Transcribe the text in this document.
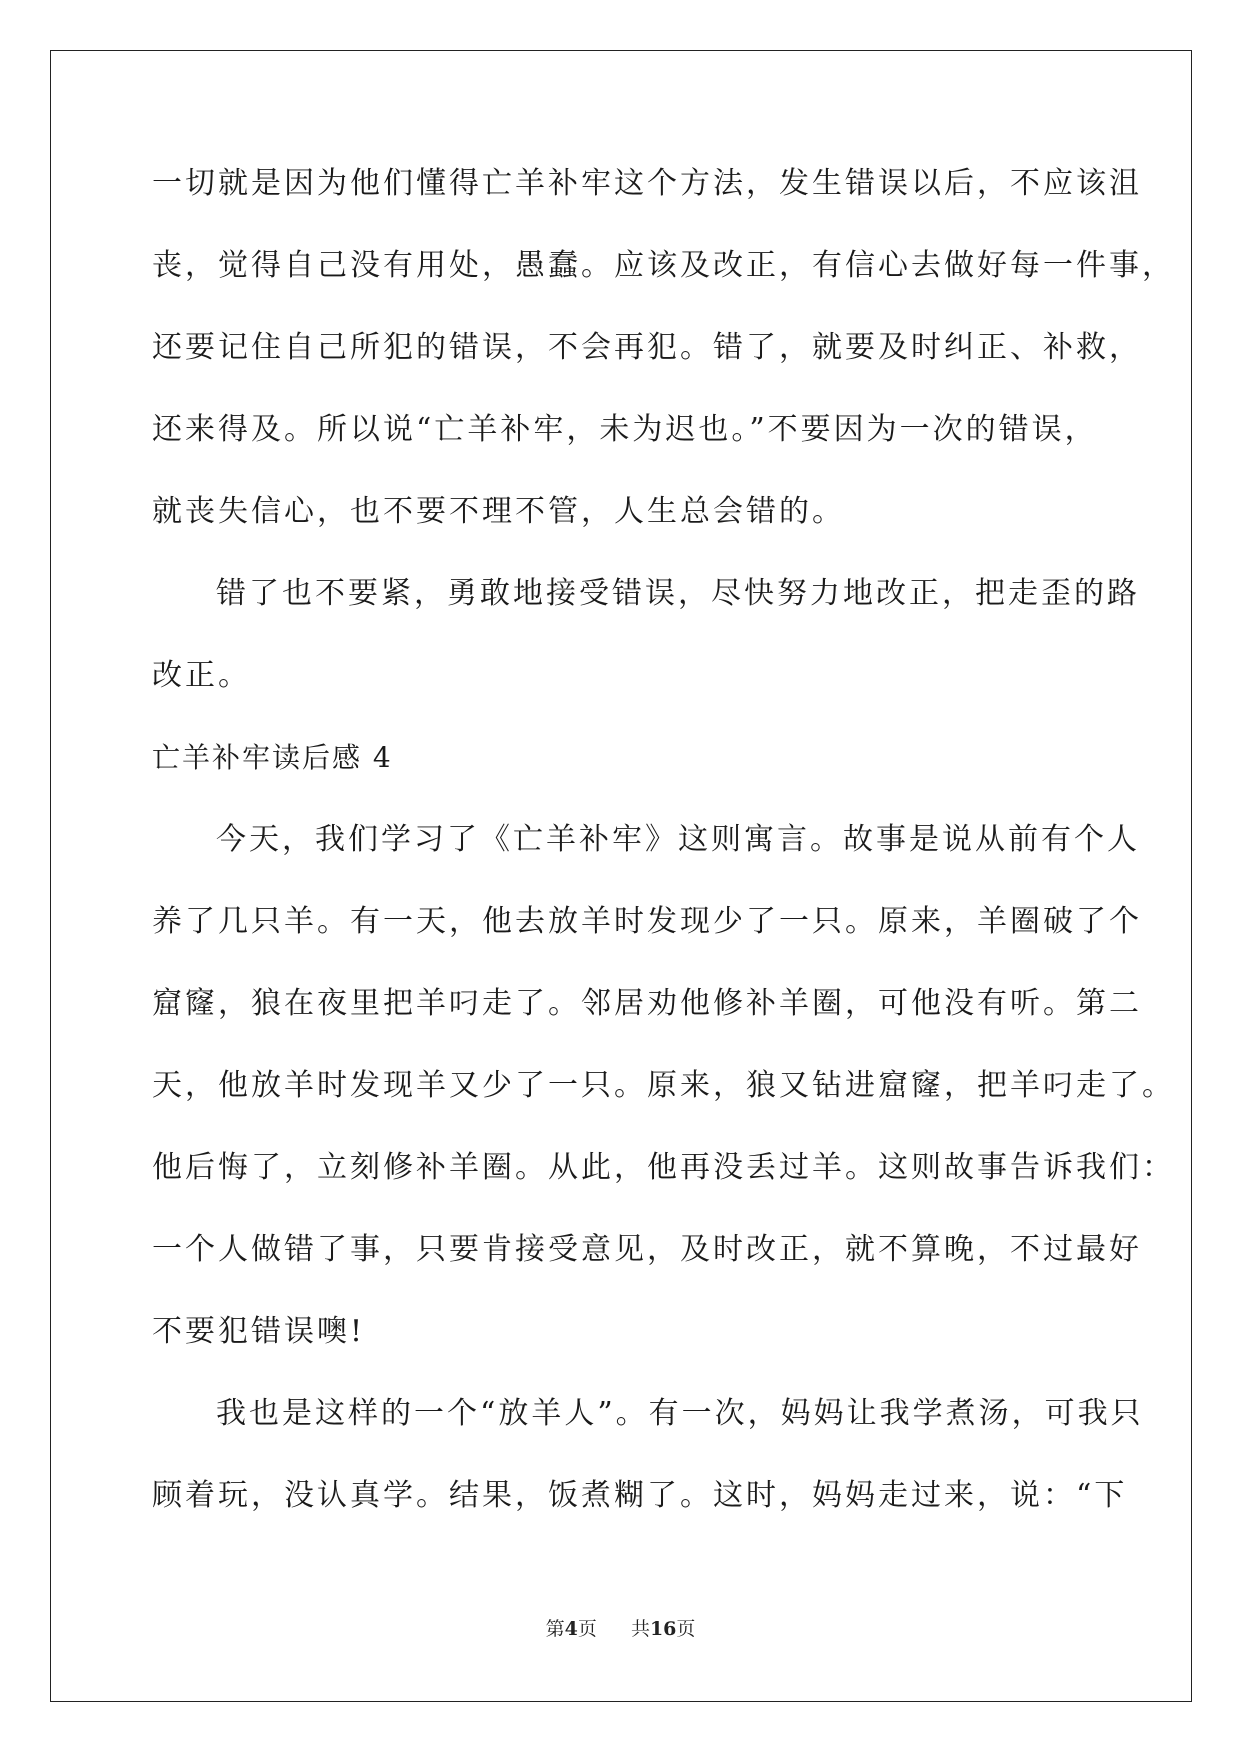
一切就是因为他们懂得亡羊补牢这个方法，发生错误以后，不应该沮
丧，觉得自己没有用处，愚蠢。应该及改正，有信心去做好每一件事，
还要记住自己所犯的错误，不会再犯。错了，就要及时纠正、补救，
还来得及。所以说“亡羊补牢，未为迟也。”不要因为一次的错误，
就丧失信心，也不要不理不管，人生总会错的。
错了也不要紧，勇敢地接受错误，尽快努力地改正，把走歪的路
改正。
亡羊补牢读后感 4
今天，我们学习了《亡羊补牢》这则寓言。故事是说从前有个人
养了几只羊。有一天，他去放羊时发现少了一只。原来，羊圈破了个
窟窿，狼在夜里把羊叼走了。邻居劝他修补羊圈，可他没有听。第二
天，他放羊时发现羊又少了一只。原来，狼又钻进窟窿，把羊叼走了。
他后悔了，立刻修补羊圈。从此，他再没丢过羊。这则故事告诉我们：
一个人做错了事，只要肯接受意见，及时改正，就不算晚，不过最好
不要犯错误噢!
我也是这样的一个“放羊人”。有一次，妈妈让我学煮汤，可我只
顾着玩，没认真学。结果，饭煮糊了。这时，妈妈走过来，说：“下
第4页 共16页
